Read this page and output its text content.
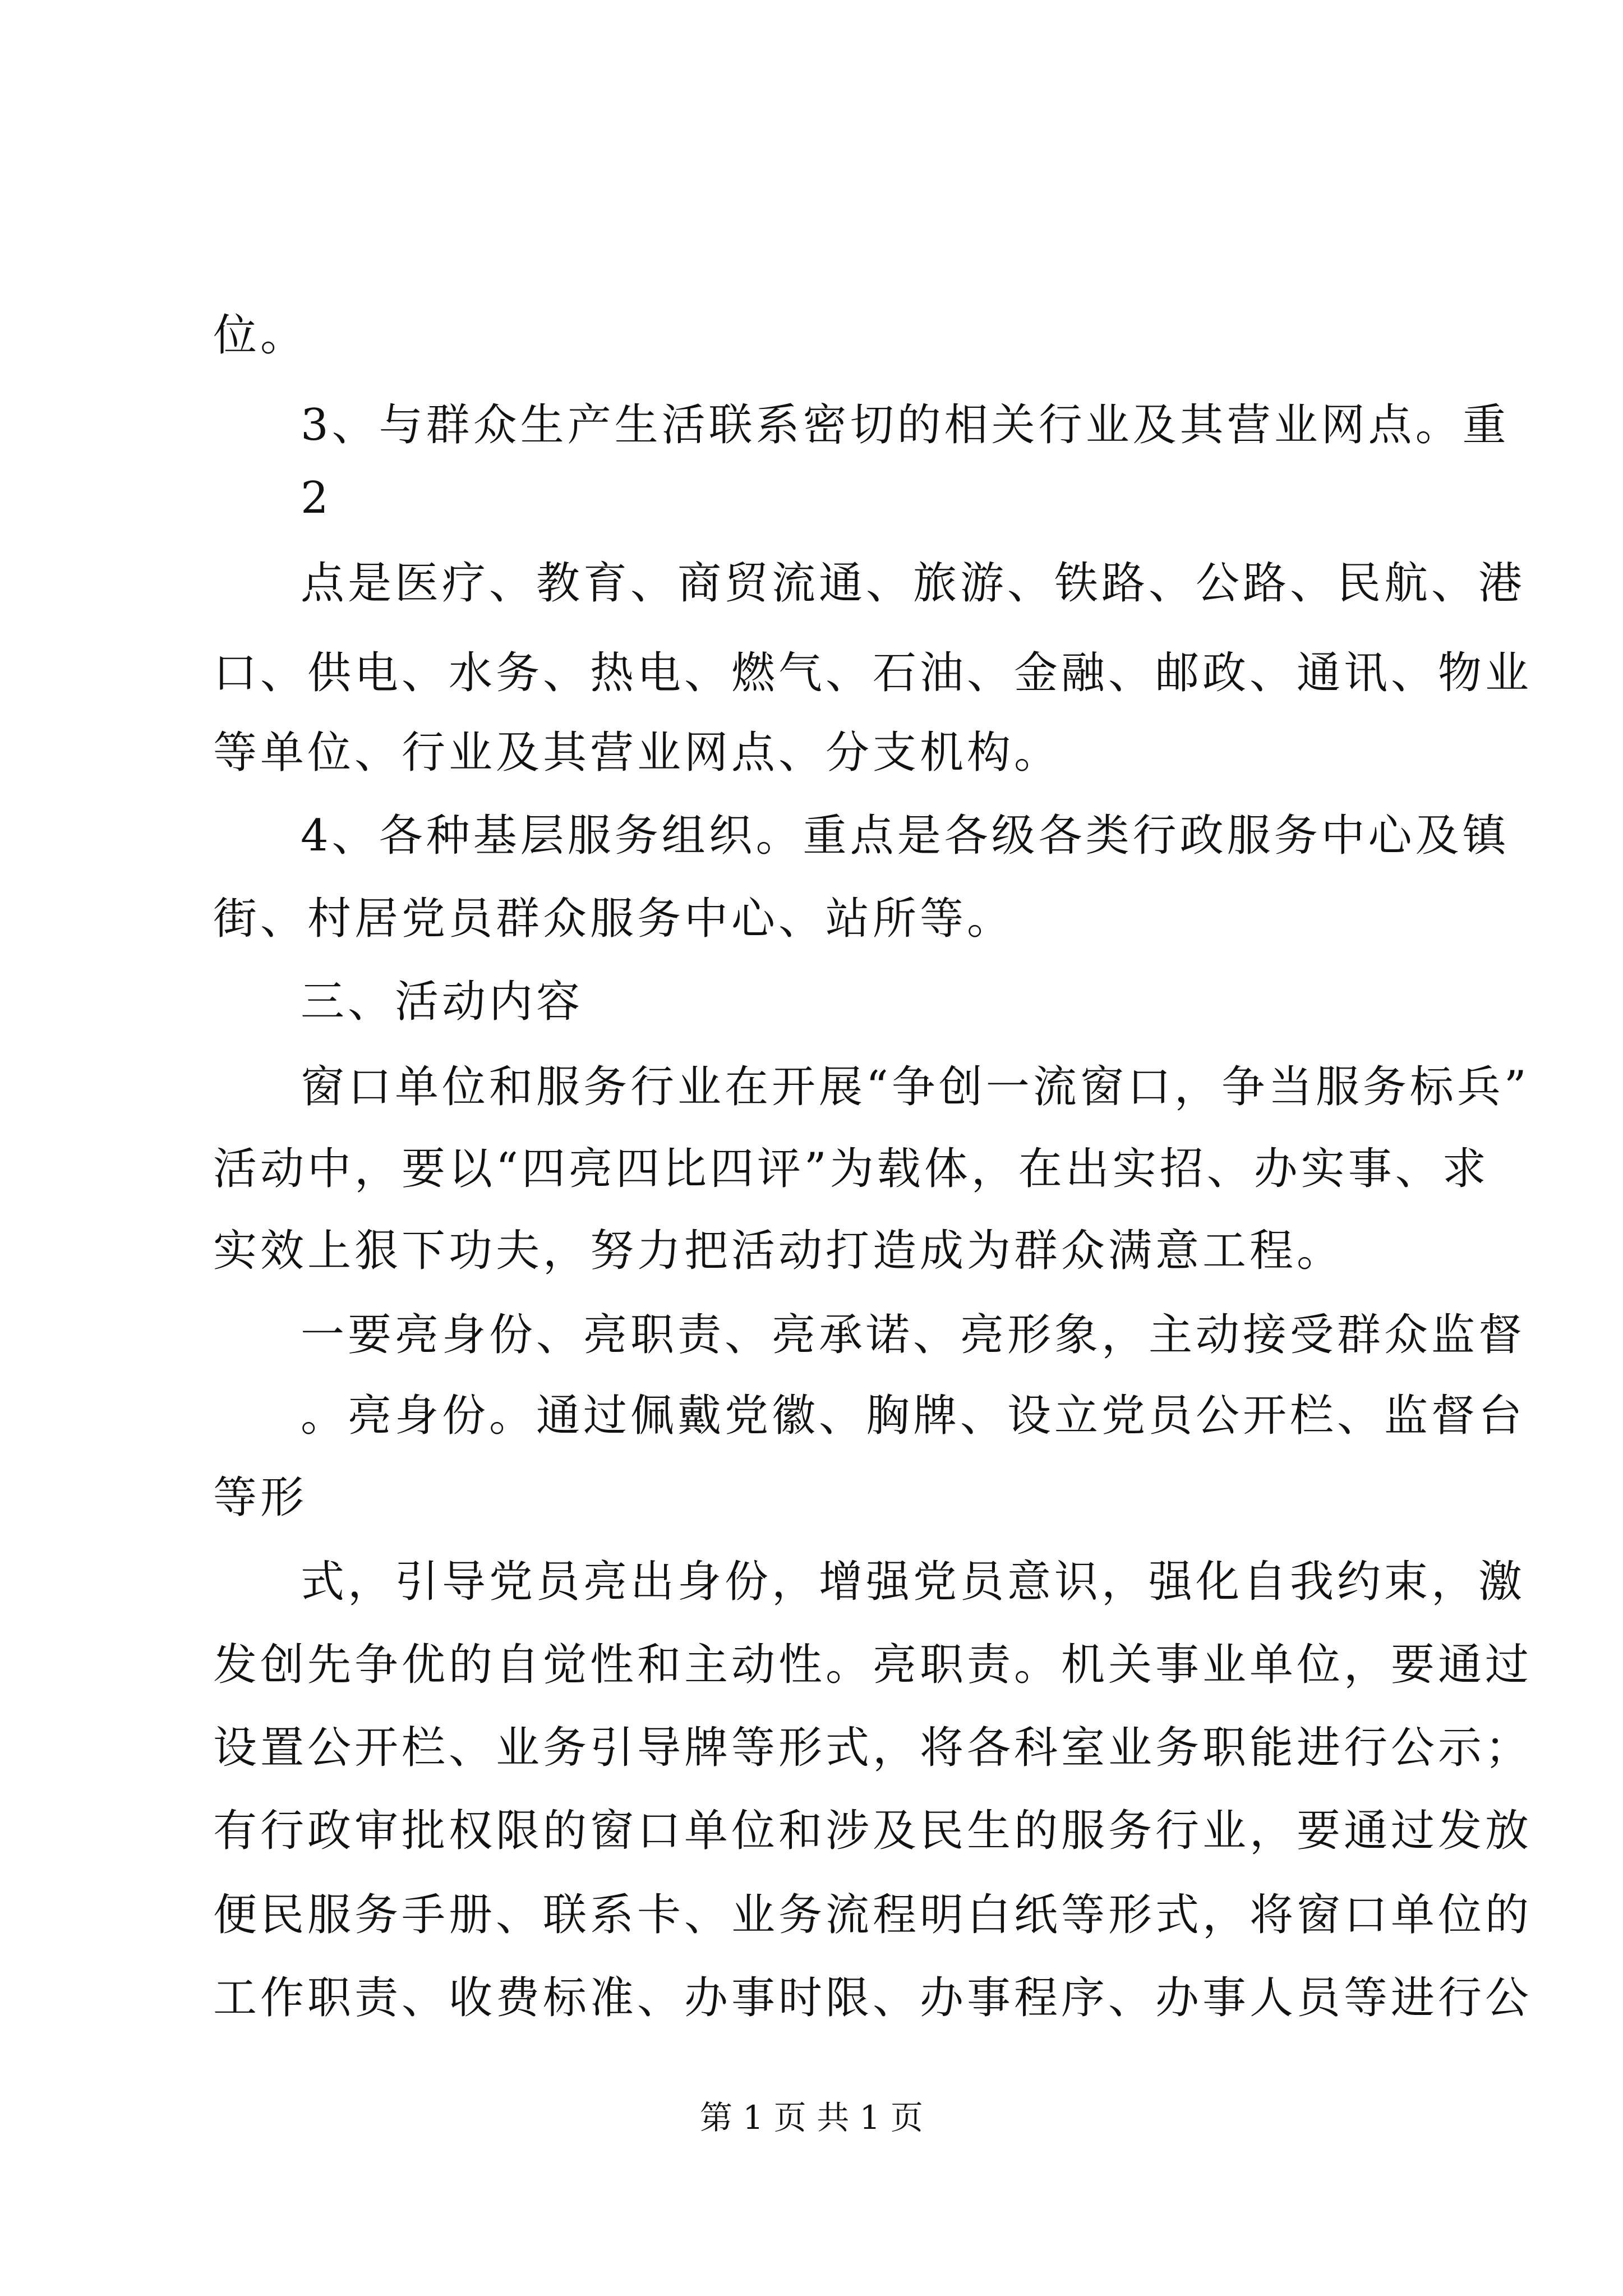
位。
3、与群众生产生活联系密切的相关行业及其营业网点。重
2
点是医疗、教育、商贸流通、旅游、铁路、公路、民航、港
口、供电、水务、热电、燃气、石油、金融、邮政、通讯、物业
等单位、行业及其营业网点、分支机构。
4、各种基层服务组织。重点是各级各类行政服务中心及镇
街、村居党员群众服务中心、站所等。
三、活动内容
窗口单位和服务行业在开展“争创一流窗口，争当服务标兵”
活动中，要以“四亮四比四评”为载体，在出实招、办实事、求
实效上狠下功夫，努力把活动打造成为群众满意工程。
一要亮身份、亮职责、亮承诺、亮形象，主动接受群众监督
。亮身份。通过佩戴党徽、胸牌、设立党员公开栏、监督台
等形
式，引导党员亮出身份，增强党员意识，强化自我约束，激
发创先争优的自觉性和主动性。亮职责。机关事业单位，要通过
设置公开栏、业务引导牌等形式，将各科室业务职能进行公示；
有行政审批权限的窗口单位和涉及民生的服务行业，要通过发放
便民服务手册、联系卡、业务流程明白纸等形式，将窗口单位的
工作职责、收费标准、办事时限、办事程序、办事人员等进行公
第 1 页 共 1 页
